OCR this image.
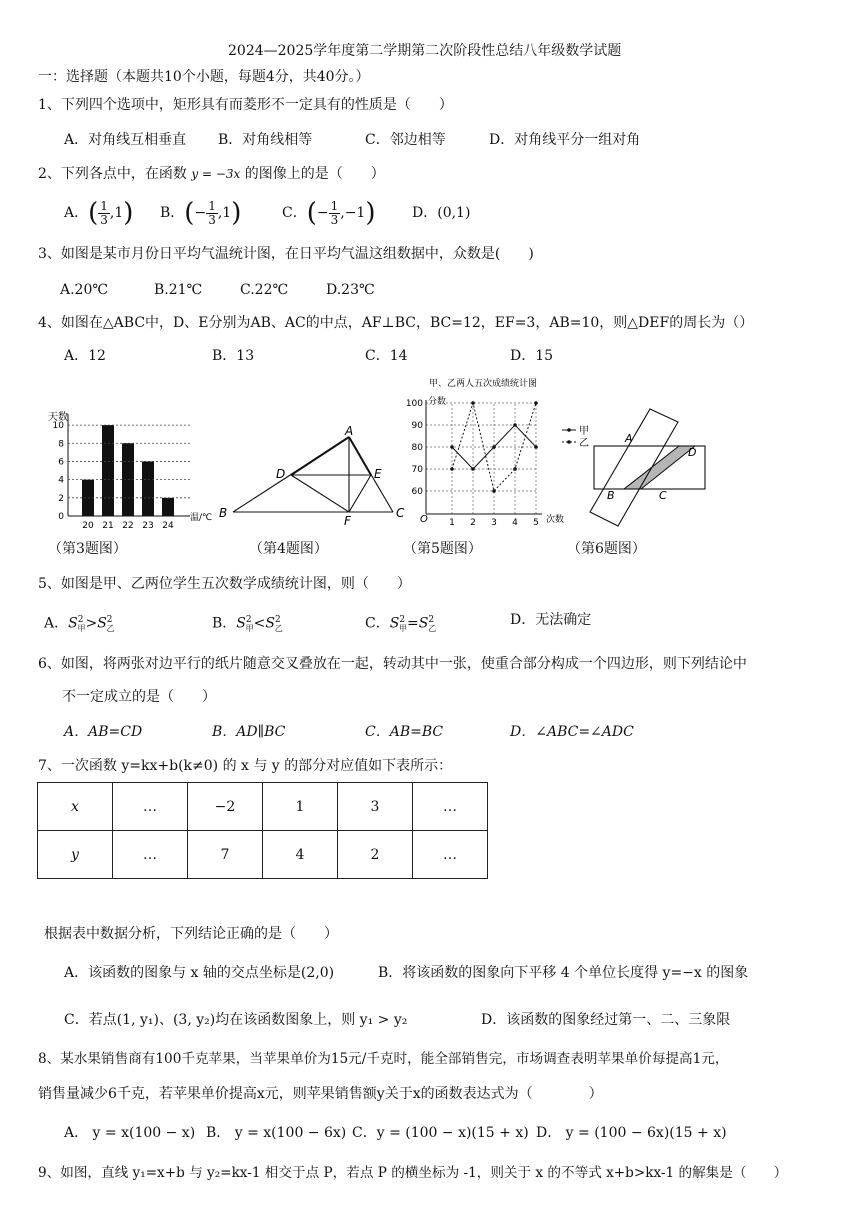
2024—2025学年度第二学期第二次阶段性总结八年级数学试题
一：选择题（本题共10个小题，每题4分，共40分。）
1、下列四个选项中，矩形具有而菱形不一定具有的性质是（　　）
A．对角线互相垂直 B．对角线相等	C．邻边相等	D．对角线平分一组对角
2、下列各点中，在函数 y = −3x 的图像上的是（　　）
A．( $\frac{1}{3} ,1$) B．(− $\frac{1}{3} ,1$)	C．(− $\frac{1}{3} ,-1$)	D．(0,1)
3、如图是某市月份日平均气温统计图，在日平均气温这组数据中，众数是(　　)
A.20℃	B.21℃	C.22℃	D.23℃
4、如图在△ABC中，D、E分别为AB、AC的中点，AF⊥BC，BC=12，EF=3，AB=10，则△DEF的周长为（）
A．12	B．13	C．14	D．15
天数
温/℃
0
2
4
6
8
10
20 21 22 23 24
（第3题图）
A
B	C
D	E
F
（第4题图）
甲、乙两人五次成绩统计图
分数
O	次数
60
70
80
90
100
1 2 3 4 5
甲
乙
（第5题图）
A
B	C
D
（第6题图）
5、如图是甲、乙两位学生五次数学成绩统计图，则（　　）
A．$S^2_甲>S^2_乙$	B．$S^2_甲<S^2_乙$	C．$S^2_甲=S^2_乙$
D．无法确定
6、如图，将两张对边平行的纸片随意交叉叠放在一起，转动其中一张，使重合部分构成一个四边形，则下列结论中
不一定成立的是（　　）
A．AB=CD	B．AD∥BC	C．AB=BC	D．∠ABC=∠ADC
7、一次函数 y=kx+b(k≠0) 的 x 与 y 的部分对应值如下表所示：
x	…	−2	1	3	…
y	…	7	4	2	…
根据表中数据分析，下列结论正确的是（　　）
A．该函数的图象与 x 轴的交点坐标是(2,0)	B．将该函数的图象向下平移 4 个单位长度得 y=−x 的图象
C．若点(1, y₁)、(3, y₂)均在该函数图象上，则 y₁ > y₂	D．该函数的图象经过第一、二、三象限
8、某水果销售商有100千克苹果，当苹果单价为15元/千克时，能全部销售完，市场调查表明苹果单价每提高1元，
销售量减少6千克，若苹果单价提高x元，则苹果销售额y关于x的函数表达式为（　　　　）
A． y = x(100 − x) B． y = x(100 − 6x) C．y = (100 − x)(15 + x) D． y = (100 − 6x)(15 + x)
9、如图，直线 y₁=x+b 与 y₂=kx-1 相交于点 P，若点 P 的横坐标为 -1，则关于 x 的不等式 x+b>kx-1 的解集是（　　）
